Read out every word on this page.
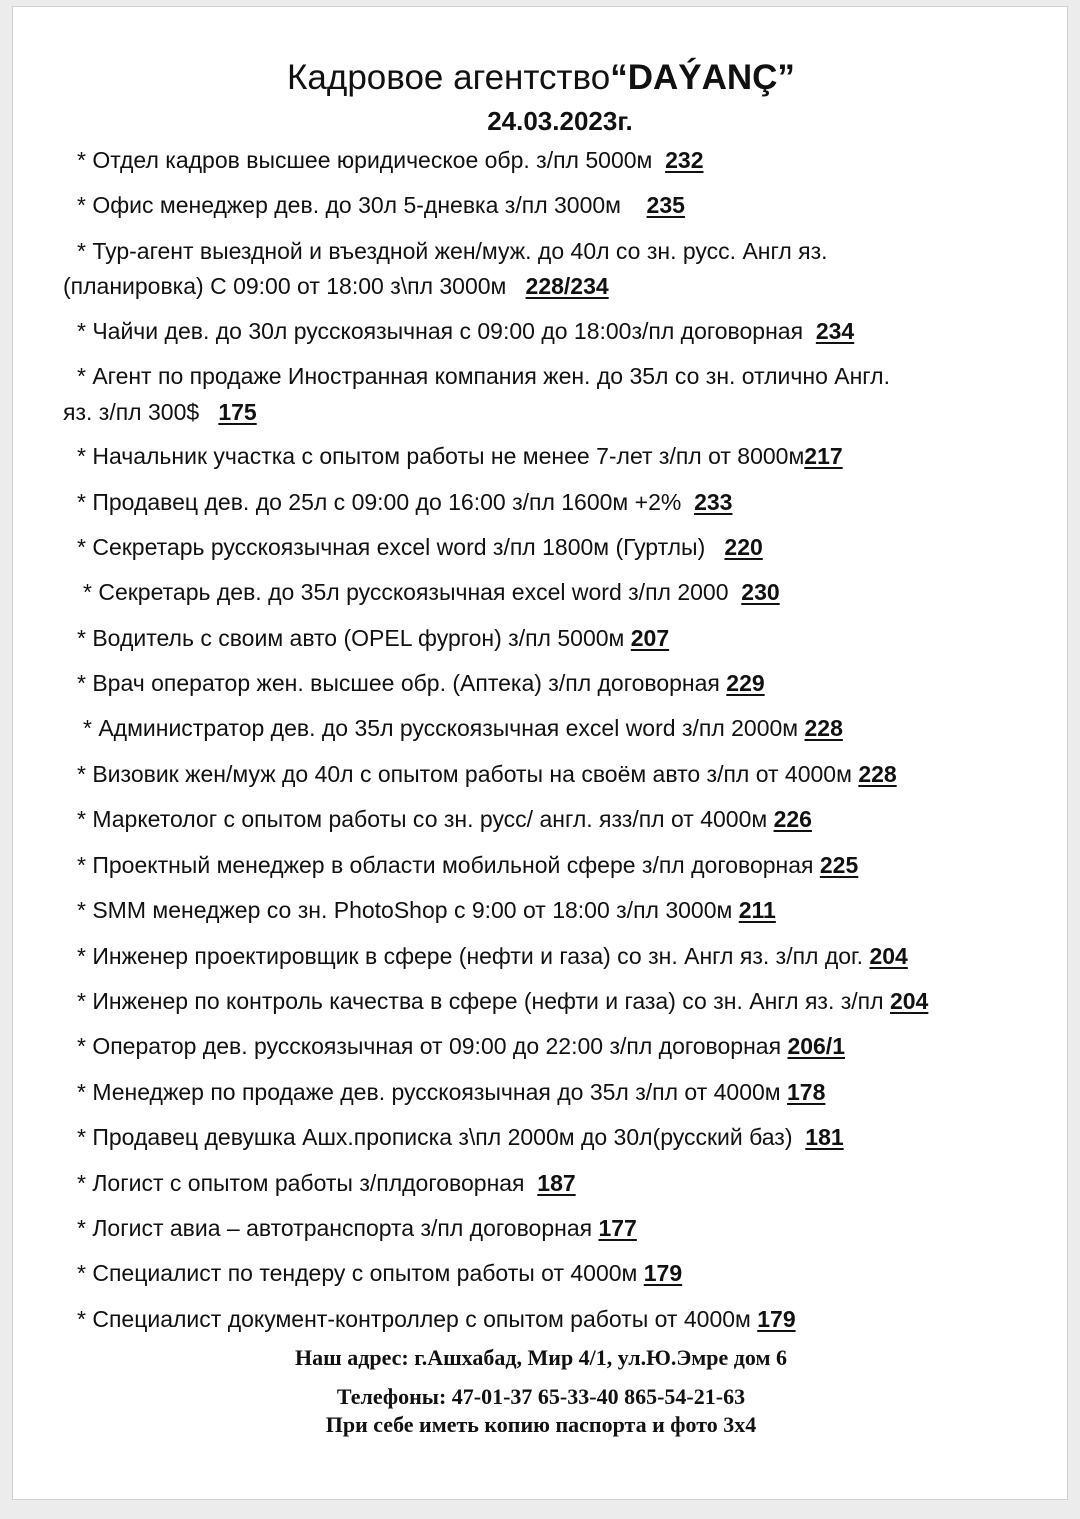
Кадровое агентство“DAÝANÇ”
24.03.2023г.
* Отдел кадров высшее юридическое обр. з/пл 5000м 232
* Офис менеджер дев. до 30л 5-дневка з/пл 3000м 235
* Тур-агент выездной и въездной жен/муж. до 40л со зн. русс. Англ яз.
(планировка) С 09:00 от 18:00 з\пл 3000м 228/234
* Чайчи дев. до 30л русскоязычная с 09:00 до 18:00з/пл договорная 234
* Агент по продаже Иностранная компания жен. до 35л со зн. отлично Англ.
яз. з/пл 300$ 175
* Начальник участка с опытом работы не менее 7-лет з/пл от 8000м217
* Продавец дев. до 25л с 09:00 до 16:00 з/пл 1600м +2% 233
* Секретарь русскоязычная excel word з/пл 1800м (Гуртлы) 220
* Секретарь дев. до 35л русскоязычная excel word з/пл 2000 230
* Водитель с своим авто (OPEL фургон) з/пл 5000м 207
* Врач оператор жен. высшее обр. (Аптека) з/пл договорная 229
* Администратор дев. до 35л русскоязычная excel word з/пл 2000м 228
* Визовик жен/муж до 40л с опытом работы на своём авто з/пл от 4000м 228
* Маркетолог с опытом работы со зн. русс/ англ. язз/пл от 4000м 226
* Проектный менеджер в области мобильной сфере з/пл договорная 225
* SMM менеджер со зн. PhotoShop с 9:00 от 18:00 з/пл 3000м 211
* Инженер проектировщик в сфере (нефти и газа) со зн. Англ яз. з/пл дог. 204
* Инженер по контроль качества в сфере (нефти и газа) со зн. Англ яз. з/пл 204
* Оператор дев. русскоязычная от 09:00 до 22:00 з/пл договорная 206/1
* Менеджер по продаже дев. русскоязычная до 35л з/пл от 4000м 178
* Продавец девушка Ашх.прописка з\пл 2000м до 30л(русский баз) 181
* Логист с опытом работы з/плдоговорная 187
* Логист авиа – автотранспорта з/пл договорная 177
* Специалист по тендеру с опытом работы от 4000м 179
* Специалист документ-контроллер с опытом работы от 4000м 179
Наш адрес: г.Ашхабад, Мир 4/1, ул.Ю.Эмре дом 6
Телефоны: 47-01-37 65-33-40 865-54-21-63
При себе иметь копию паспорта и фото 3х4
